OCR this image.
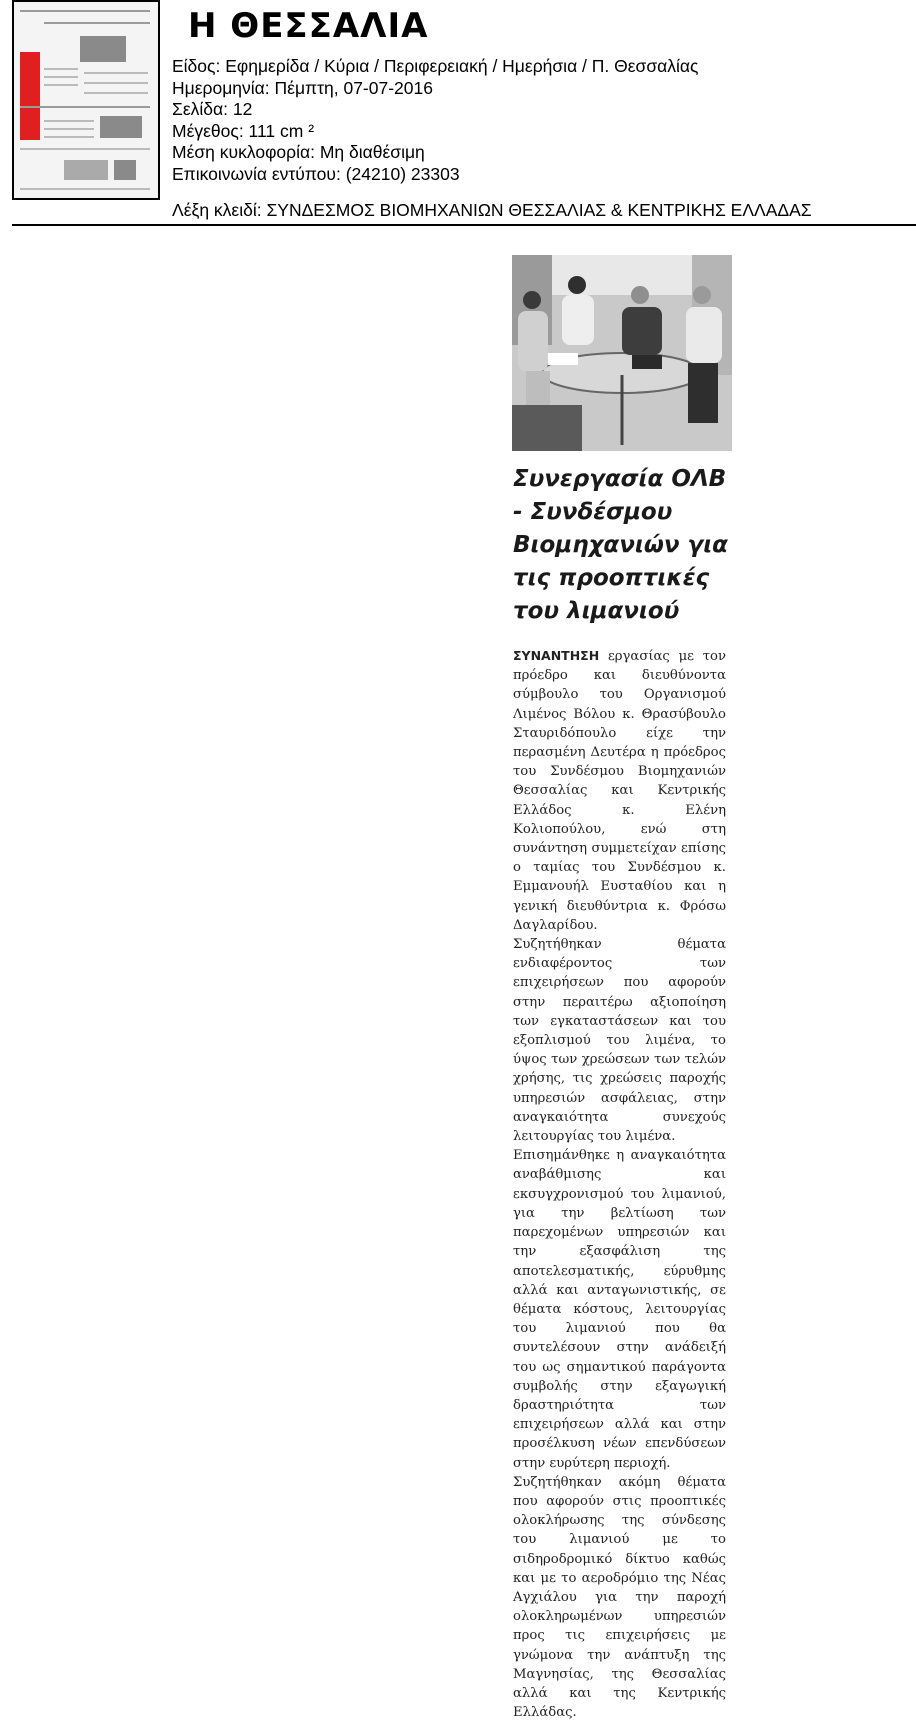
Η ΘΕΣΣΑΛΙΑ
Είδος: Εφημερίδα / Κύρια / Περιφερειακή / Ημερήσια / Π. Θεσσαλίας
Ημερομηνία: Πέμπτη, 07-07-2016
Σελίδα: 12
Μέγεθος: 111 cm ²
Μέση κυκλοφορία: Μη διαθέσιμη
Επικοινωνία εντύπου: (24210) 23303
Λέξη κλειδί: ΣΥΝΔΕΣΜΟΣ ΒΙΟΜΗΧΑΝΙΩΝ ΘΕΣΣΑΛΙΑΣ & ΚΕΝΤΡΙΚΗΣ ΕΛΛΑΔΑΣ
Συνεργασία ΟΛΒ - Συνδέσμου Βιομηχανιών για τις προοπτικές του λιμανιού

ΣΥΝΑΝΤΗΣΗ εργασίας με τον πρόεδρο και διευθύνοντα σύμβουλο του Οργανισμού Λιμένος Βόλου κ. Θρασύβουλο Σταυριδόπουλο είχε την περασμένη Δευτέρα η πρόεδρος του Συνδέσμου Βιομηχανιών Θεσσαλίας και Κεντρικής Ελλάδος κ. Ελένη Κολιοπούλου, ενώ στη συνάντηση συμμετείχαν επίσης ο ταμίας του Συνδέσμου κ. Εμμανουήλ Ευσταθίου και η γενική διευθύντρια κ. Φρόσω Δαγλαρίδου.

Συζητήθηκαν θέματα ενδιαφέροντος των επιχειρήσεων που αφορούν στην περαιτέρω αξιοποίηση των εγκαταστάσεων και του εξοπλισμού του λιμένα, το ύψος των χρεώσεων των τελών χρήσης, τις χρεώσεις παροχής υπηρεσιών ασφάλειας, στην αναγκαιότητα συνεχούς λειτουργίας του λιμένα.

Επισημάνθηκε η αναγκαιότητα αναβάθμισης και εκσυγχρονισμού του λιμανιού, για την βελτίωση των παρεχομένων υπηρεσιών και την εξασφάλιση της αποτελεσματικής, εύρυθμης αλλά και ανταγωνιστικής, σε θέματα κόστους, λειτουργίας του λιμανιού που θα συντελέσουν στην ανάδειξή του ως σημαντικού παράγοντα συμβολής στην εξαγωγική δραστηριότητα των επιχειρήσεων αλλά και στην προσέλκυση νέων επενδύσεων στην ευρύτερη περιοχή.

Συζητήθηκαν ακόμη θέματα που αφορούν στις προοπτικές ολοκλήρωσης της σύνδεσης του λιμανιού με το σιδηροδρομικό δίκτυο καθώς και με το αεροδρόμιο της Νέας Αγχιάλου για την παροχή ολοκληρωμένων υπηρεσιών προς τις επιχειρήσεις με γνώμονα την ανάπτυξη της Μαγνησίας, της Θεσσαλίας αλλά και της Κεντρικής Ελλάδας.
